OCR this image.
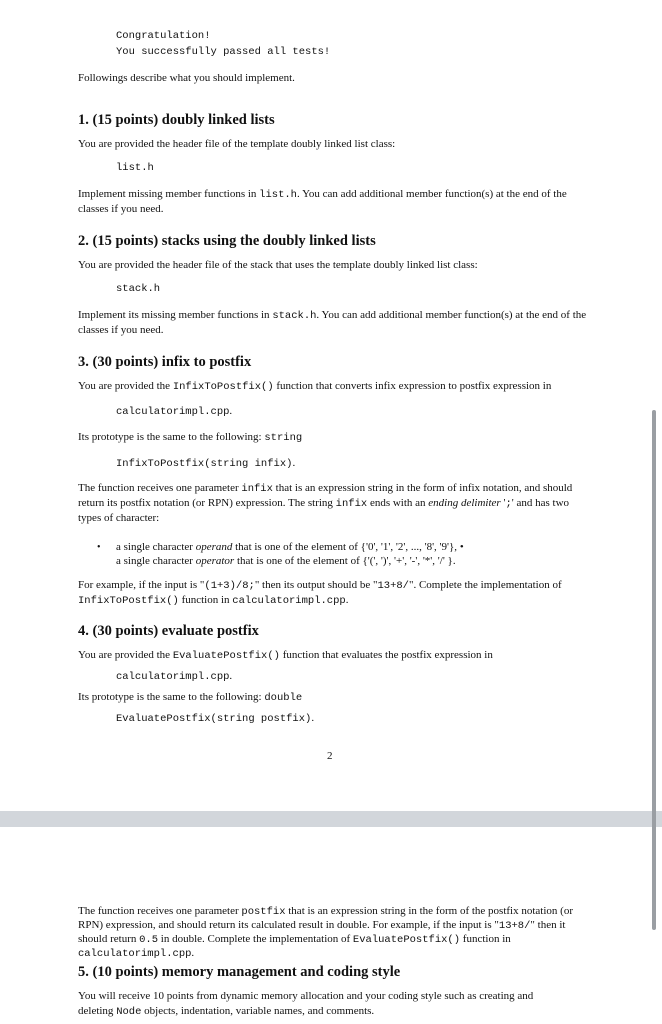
Congratulation!
You successfully passed all tests!
Followings describe what you should implement.
1. (15 points) doubly linked lists
You are provided the header file of the template doubly linked list class:
list.h
Implement missing member functions in list.h. You can add additional member function(s) at the end of the
classes if you need.
2. (15 points) stacks using the doubly linked lists
You are provided the header file of the stack that uses the template doubly linked list class:
stack.h
Implement its missing member functions in stack.h. You can add additional member function(s) at the end of the
classes if you need.
3. (30 points) infix to postfix
You are provided the InfixToPostfix() function that converts infix expression to postfix expression in
calculatorimpl.cpp.
Its prototype is the same to the following: string
InfixToPostfix(string infix).
The function receives one parameter infix that is an expression string in the form of infix notation, and should
return its postfix notation (or RPN) expression. The string infix ends with an ending delimiter ';' and has two
types of character:
• a single character operand that is one of the element of {'0', '1', '2', ..., '8', '9'}, •
a single character operator that is one of the element of {'(', ')', '+', '-', '*', '/' }.
For example, if the input is "(1+3)/8;" then its output should be "13+8/". Complete the implementation of
InfixToPostfix() function in calculatorimpl.cpp.
4. (30 points) evaluate postfix
You are provided the EvaluatePostfix() function that evaluates the postfix expression in
calculatorimpl.cpp.
Its prototype is the same to the following: double
EvaluatePostfix(string postfix).
2
The function receives one parameter postfix that is an expression string in the form of the postfix notation (or
RPN) expression, and should return its calculated result in double. For example, if the input is "13+8/" then it
should return 0.5 in double. Complete the implementation of EvaluatePostfix() function in
calculatorimpl.cpp.
5. (10 points) memory management and coding style
You will receive 10 points from dynamic memory allocation and your coding style such as creating and
deleting Node objects, indentation, variable names, and comments.
